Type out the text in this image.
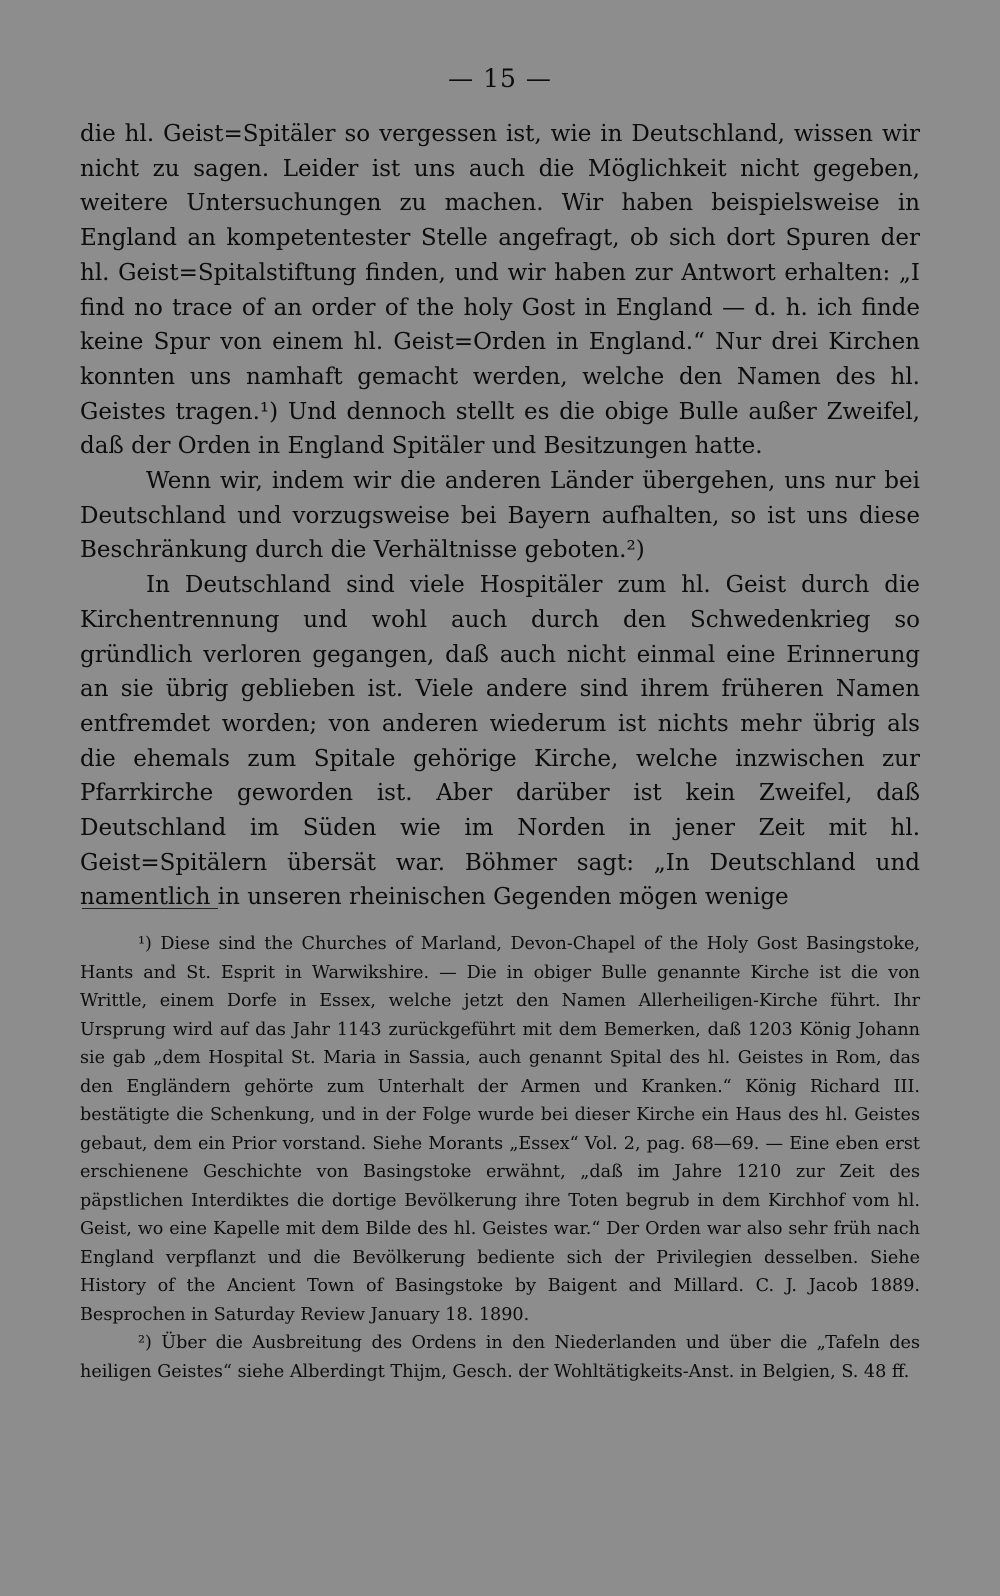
— 15 —

die hl. Geist=Spitäler so vergessen ist, wie in Deutschland, wissen wir nicht zu sagen. Leider ist uns auch die Möglichkeit nicht gegeben, weitere Untersuchungen zu machen. Wir haben beispielsweise in England an kompetentester Stelle angefragt, ob sich dort Spuren der hl. Geist=Spitalstiftung finden, und wir haben zur Antwort erhalten: „I find no trace of an order of the holy Gost in England — d. h. ich finde keine Spur von einem hl. Geist=Orden in England.“ Nur drei Kirchen konnten uns namhaft gemacht werden, welche den Namen des hl. Geistes tragen.¹) Und dennoch stellt es die obige Bulle außer Zweifel, daß der Orden in England Spitäler und Besitzungen hatte.

Wenn wir, indem wir die anderen Länder übergehen, uns nur bei Deutschland und vorzugsweise bei Bayern aufhalten, so ist uns diese Beschränkung durch die Verhältnisse geboten.²)

In Deutschland sind viele Hospitäler zum hl. Geist durch die Kirchentrennung und wohl auch durch den Schwedenkrieg so gründlich verloren gegangen, daß auch nicht einmal eine Erinnerung an sie übrig geblieben ist. Viele andere sind ihrem früheren Namen entfremdet worden; von anderen wiederum ist nichts mehr übrig als die ehemals zum Spitale gehörige Kirche, welche inzwischen zur Pfarrkirche geworden ist. Aber darüber ist kein Zweifel, daß Deutschland im Süden wie im Norden in jener Zeit mit hl. Geist=Spitälern übersät war. Böhmer sagt: „In Deutschland und namentlich in unseren rheinischen Gegenden mögen wenige

¹) Diese sind the Churches of Marland, Devon-Chapel of the Holy Gost Basingstoke, Hants and St. Esprit in Warwikshire. — Die in obiger Bulle genannte Kirche ist die von Writtle, einem Dorfe in Essex, welche jetzt den Namen Allerheiligen-Kirche führt. Ihr Ursprung wird auf das Jahr 1143 zurückgeführt mit dem Bemerken, daß 1203 König Johann sie gab „dem Hospital St. Maria in Sassia, auch genannt Spital des hl. Geistes in Rom, das den Engländern gehörte zum Unterhalt der Armen und Kranken.“ König Richard III. bestätigte die Schenkung, und in der Folge wurde bei dieser Kirche ein Haus des hl. Geistes gebaut, dem ein Prior vorstand. Siehe Morants „Essex“ Vol. 2, pag. 68—69. — Eine eben erst erschienene Geschichte von Basingstoke erwähnt, „daß im Jahre 1210 zur Zeit des päpstlichen Interdiktes die dortige Bevölkerung ihre Toten begrub in dem Kirchhof vom hl. Geist, wo eine Kapelle mit dem Bilde des hl. Geistes war.“ Der Orden war also sehr früh nach England verpflanzt und die Bevölkerung bediente sich der Privilegien desselben. Siehe History of the Ancient Town of Basingstoke by Baigent and Millard. C. J. Jacob 1889. Besprochen in Saturday Review January 18. 1890.

²) Über die Ausbreitung des Ordens in den Niederlanden und über die „Tafeln des heiligen Geistes“ siehe Alberdingt Thijm, Gesch. der Wohltätigkeits-Anst. in Belgien, S. 48 ff.
